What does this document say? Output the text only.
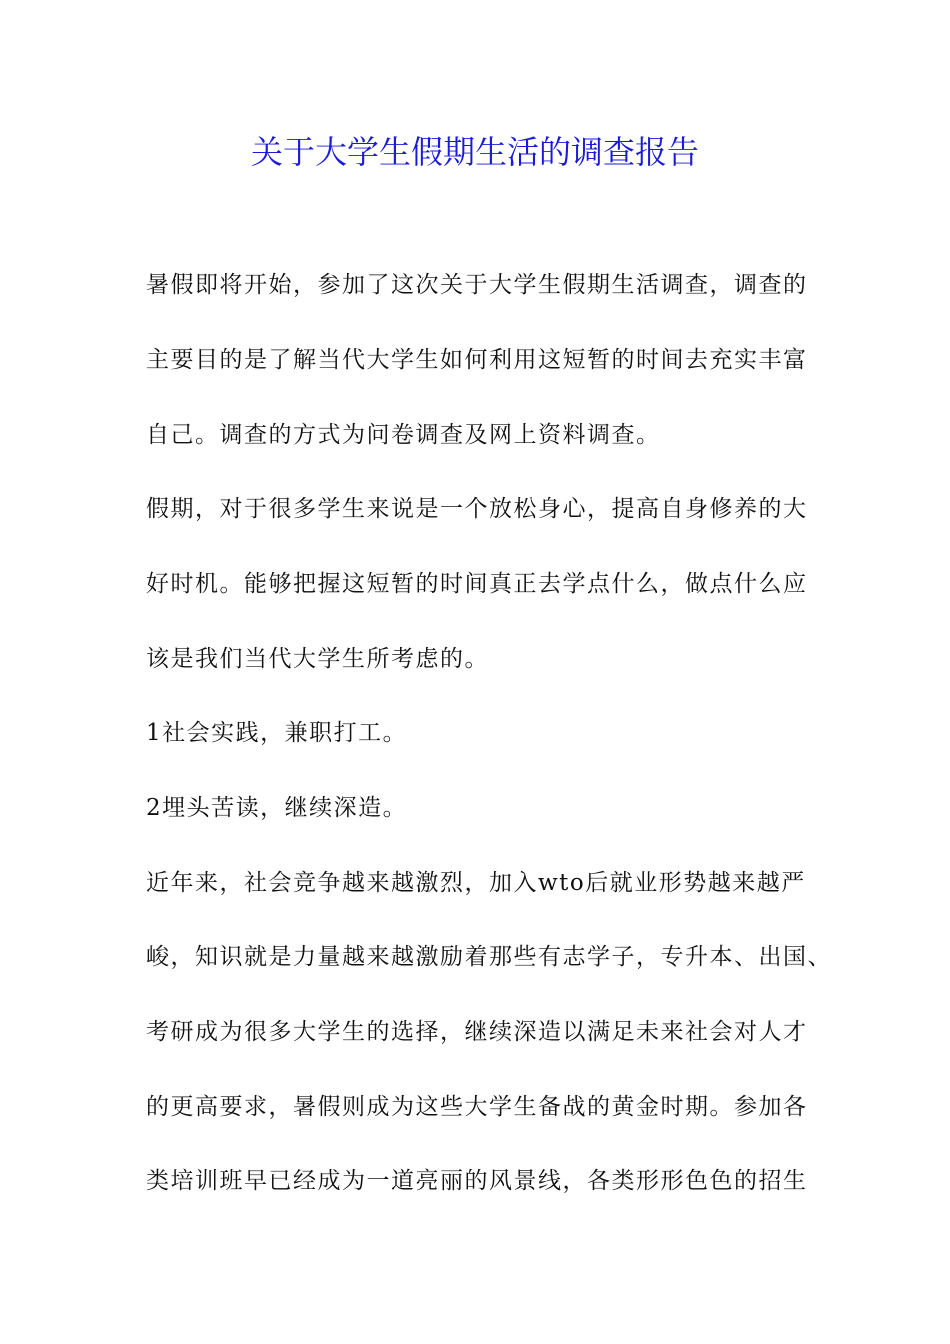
关于大学生假期生活的调查报告
暑假即将开始，参加了这次关于大学生假期生活调查，调查的
主要目的是了解当代大学生如何利用这短暂的时间去充实丰富
自己。调查的方式为问卷调查及网上资料调查。
假期，对于很多学生来说是一个放松身心，提高自身修养的大
好时机。能够把握这短暂的时间真正去学点什么，做点什么应
该是我们当代大学生所考虑的。
1社会实践，兼职打工。
2埋头苦读，继续深造。
近年来，社会竞争越来越激烈，加入wto后就业形势越来越严
峻，知识就是力量越来越激励着那些有志学子，专升本、出国、
考研成为很多大学生的选择，继续深造以满足未来社会对人才
的更高要求，暑假则成为这些大学生备战的黄金时期。参加各
类培训班早已经成为一道亮丽的风景线，各类形形色色的招生
